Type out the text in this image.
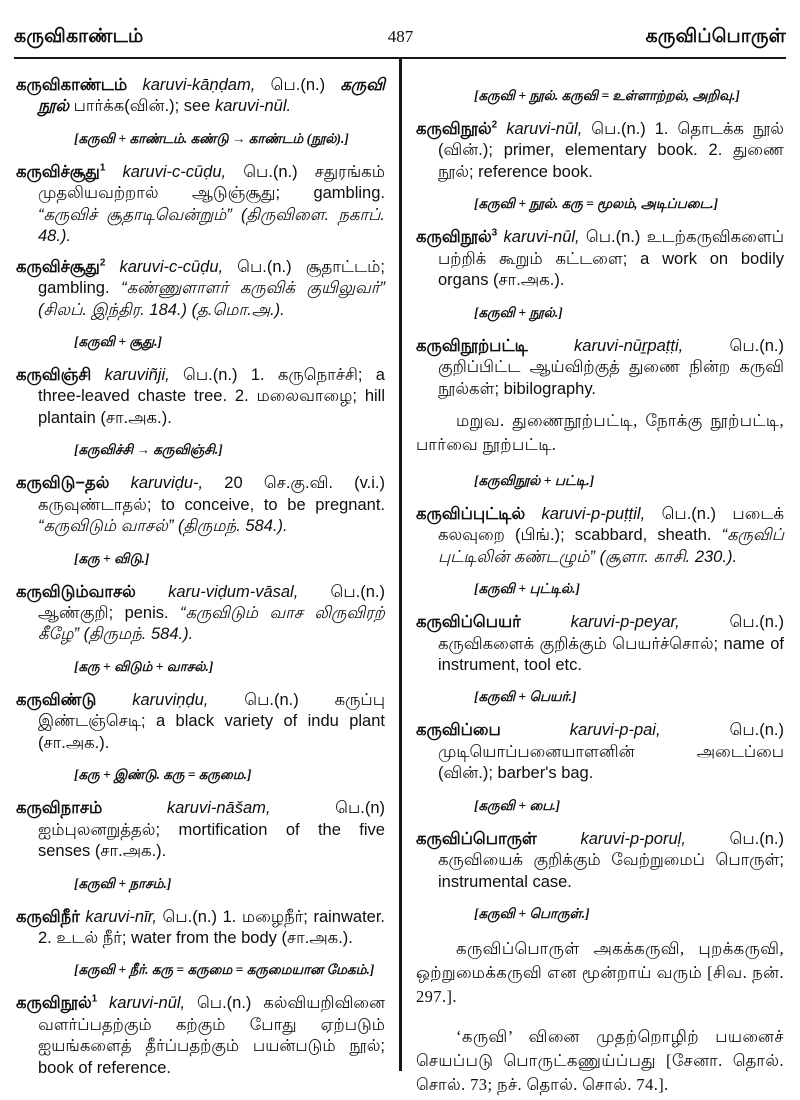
கருவிகாண்டம்	487	கருவிப்பொருள்

கருவிகாண்டம் karuvi-kāṇḍam, பெ.(n.) கருவி நூல் பார்க்க(வின்.); see karuvi-nūl.

[கருவி + காண்டம். கண்டு → காண்டம் (நூல்).]

கருவிச்சூது$^1$ karuvi-c-cūḍu, பெ.(n.) சதுரங்கம் முதலியவற்றால் ஆடுஞ்சூது; gambling. “கருவிச் சூதாடிவென்றும்” (திருவிளை. நகாப். 48.).

கருவிச்சூது$^2$ karuvi-c-cūḍu, பெ.(n.) சூதாட்டம்; gambling. “கண்ணுளாளர் கருவிக் குயிலுவர்” (சிலப். இந்திர. 184.) (த.மொ.அ.).

[கருவி + சூது.]

கருவிஞ்சி karuviñji, பெ.(n.) 1. கருநொச்சி; a three-leaved chaste tree. 2. மலைவாழை; hill plantain (சா.அக.).

[கருவிச்சி → கருவிஞ்சி.]

கருவிடு−தல் karuviḍu-, 20 செ.கு.வி. (v.i.) கருவுண்டாதல்; to conceive, to be pregnant. “கருவிடும் வாசல்” (திருமந். 584.).

[கரு + விடு.]

கருவிடும்வாசல் karu-viḍum-vāsal, பெ.(n.) ஆண்குறி; penis. “கருவிடும் வாச லிருவிரற் கீழே” (திருமந். 584.).

[கரு + விடும் + வாசல்.]

கருவிண்டு karuviṇḍu, பெ.(n.) கருப்பு இண்டஞ்செடி; a black variety of indu plant (சா.அக.).

[கரு + இண்டு. கரு = கருமை.]

கருவிநாசம் karuvi-nāšam, பெ.(n) ஐம்புலனறுத்தல்; mortification of the five senses (சா.அக.).

[கருவி + நாசம்.]

கருவிநீர் karuvi-nīr, பெ.(n.) 1. மழைநீர்; rainwater. 2. உடல் நீர்; water from the body (சா.அக.).

[கருவி + நீர். கரு = கருமை = கருமையான மேகம்.]

கருவிநூல்$^1$ karuvi-nūl, பெ.(n.) கல்வியறிவினை வளர்ப்பதற்கும் கற்கும் போது ஏற்படும் ஐயங்களைத் தீர்ப்பதற்கும் பயன்படும் நூல்; book of reference.

[கருவி + நூல். கருவி = உள்ளாற்றல், அறிவு.]

கருவிநூல்$^2$ karuvi-nūl, பெ.(n.) 1. தொடக்க நூல் (வின்.); primer, elementary book. 2. துணை நூல்; reference book.

[கருவி + நூல். கரு = மூலம், அடிப்படை.]

கருவிநூல்$^3$ karuvi-nūl, பெ.(n.) உடற்கருவிகளைப் பற்றிக் கூறும் கட்டளை; a work on bodily organs (சா.அக.).

[கருவி + நூல்.]

கருவிநூற்பட்டி karuvi-nūṟpaṭṭi, பெ.(n.) குறிப்பிட்ட ஆய்விற்குத் துணை நின்ற கருவி நூல்கள்; bibilography.

மறுவ. துணைநூற்பட்டி, நோக்கு நூற்பட்டி, பார்வை நூற்பட்டி.

[கருவிநூல் + பட்டி.]

கருவிப்புட்டில் karuvi-p-puṭṭil, பெ.(n.) படைக் கலவுறை (பிங்.); scabbard, sheath. “கருவிப் புட்டிலின் கண்டழும்” (சூளா. காசி. 230.).

[கருவி + புட்டில்.]

கருவிப்பெயர் karuvi-p-peyar, பெ.(n.) கருவிகளைக் குறிக்கும் பெயர்ச்சொல்; name of instrument, tool etc.

[கருவி + பெயர்.]

கருவிப்பை karuvi-p-pai, பெ.(n.) முடியொப்பனையாளனின் அடைப்பை (வின்.); barber's bag.

[கருவி + பை.]

கருவிப்பொருள் karuvi-p-poruḷ, பெ.(n.) கருவியைக் குறிக்கும் வேற்றுமைப் பொருள்; instrumental case.

[கருவி + பொருள்.]

கருவிப்பொருள் அகக்கருவி, புறக்கருவி, ஒற்றுமைக்கருவி என மூன்றாய் வரும் [சிவ. நன். 297.].

‘கருவி’ வினை முதற்றொழிற் பயனைச் செயப்படு பொருட்கணுய்ப்பது [சேனா. தொல். சொல். 73; நச். தொல். சொல். 74.].
